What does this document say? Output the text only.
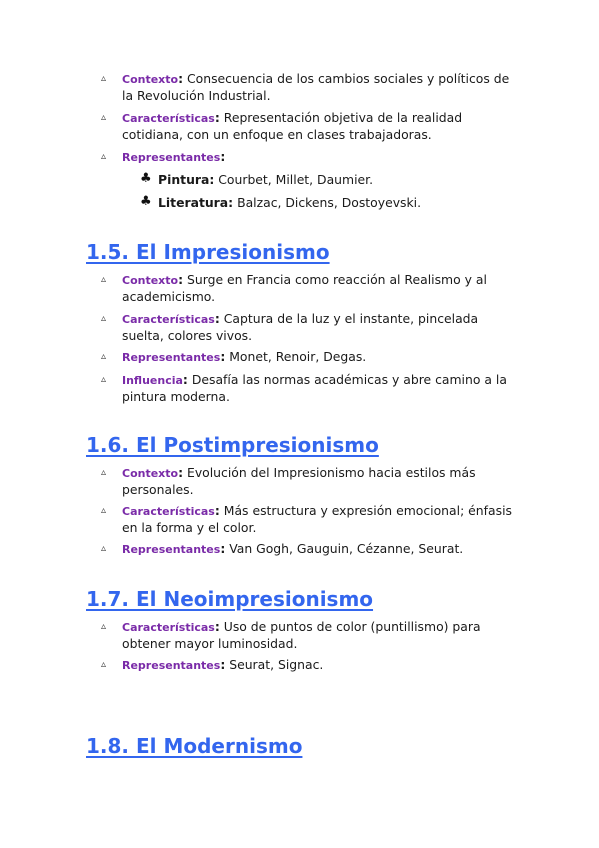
▵ Contexto: Consecuencia de los cambios sociales y políticos de la Revolución Industrial.
▵ Características: Representación objetiva de la realidad cotidiana, con un enfoque en clases trabajadoras.
▵ Representantes:
♣ Pintura: Courbet, Millet, Daumier.
♣ Literatura: Balzac, Dickens, Dostoyevski.
1.5. El Impresionismo
▵ Contexto: Surge en Francia como reacción al Realismo y al academicismo.
▵ Características: Captura de la luz y el instante, pincelada suelta, colores vivos.
▵ Representantes: Monet, Renoir, Degas.
▵ Influencia: Desafía las normas académicas y abre camino a la pintura moderna.
1.6. El Postimpresionismo
▵ Contexto: Evolución del Impresionismo hacia estilos más personales.
▵ Características: Más estructura y expresión emocional; énfasis en la forma y el color.
▵ Representantes: Van Gogh, Gauguin, Cézanne, Seurat.
1.7. El Neoimpresionismo
▵ Características: Uso de puntos de color (puntillismo) para obtener mayor luminosidad.
▵ Representantes: Seurat, Signac.
1.8. El Modernismo
